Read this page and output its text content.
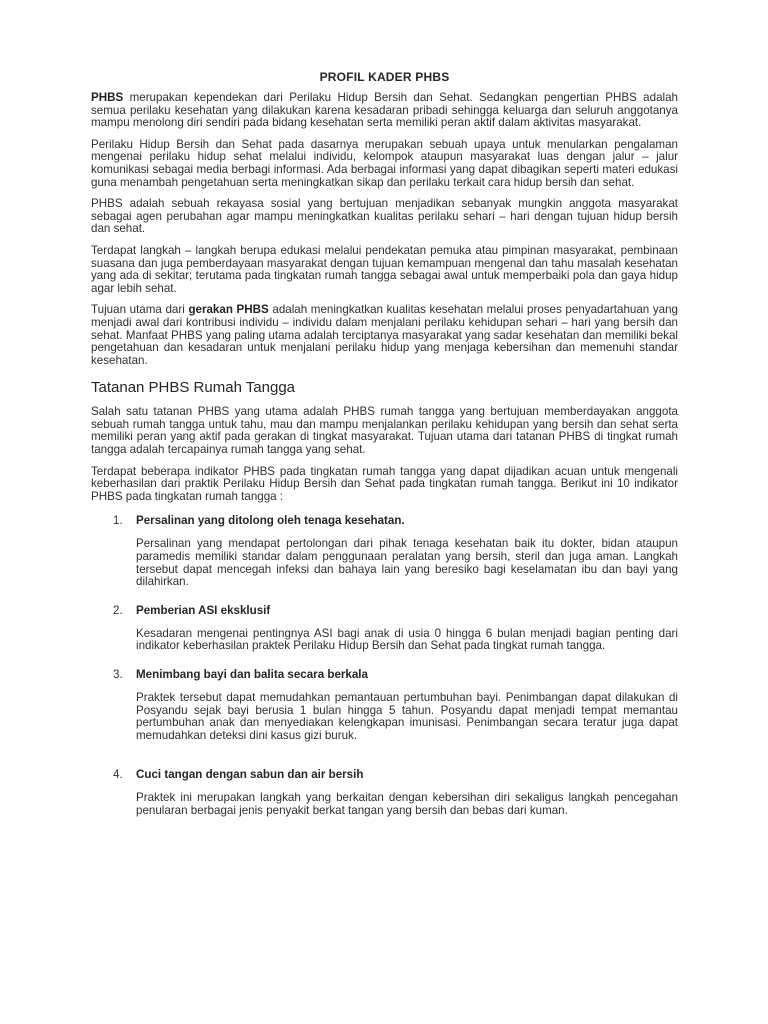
PROFIL KADER PHBS

PHBS merupakan kependekan dari Perilaku Hidup Bersih dan Sehat. Sedangkan pengertian PHBS adalah semua perilaku kesehatan yang dilakukan karena kesadaran pribadi sehingga keluarga dan seluruh anggotanya mampu menolong diri sendiri pada bidang kesehatan serta memiliki peran aktif dalam aktivitas masyarakat.

Perilaku Hidup Bersih dan Sehat pada dasarnya merupakan sebuah upaya untuk menularkan pengalaman mengenai perilaku hidup sehat melalui individu, kelompok ataupun masyarakat luas dengan jalur – jalur komunikasi sebagai media berbagi informasi. Ada berbagai informasi yang dapat dibagikan seperti materi edukasi guna menambah pengetahuan serta meningkatkan sikap dan perilaku terkait cara hidup bersih dan sehat.

PHBS adalah sebuah rekayasa sosial yang bertujuan menjadikan sebanyak mungkin anggota masyarakat sebagai agen perubahan agar mampu meningkatkan kualitas perilaku sehari – hari dengan tujuan hidup bersih dan sehat.

Terdapat langkah – langkah berupa edukasi melalui pendekatan pemuka atau pimpinan masyarakat, pembinaan suasana dan juga pemberdayaan masyarakat dengan tujuan kemampuan mengenal dan tahu masalah kesehatan yang ada di sekitar; terutama pada tingkatan rumah tangga sebagai awal untuk memperbaiki pola dan gaya hidup agar lebih sehat.

Tujuan utama dari gerakan PHBS adalah meningkatkan kualitas kesehatan melalui proses penyadartahuan yang menjadi awal dari kontribusi individu – individu dalam menjalani perilaku kehidupan sehari – hari yang bersih dan sehat. Manfaat PHBS yang paling utama adalah terciptanya masyarakat yang sadar kesehatan dan memiliki bekal pengetahuan dan kesadaran untuk menjalani perilaku hidup yang menjaga kebersihan dan memenuhi standar kesehatan.

Tatanan PHBS Rumah Tangga

Salah satu tatanan PHBS yang utama adalah PHBS rumah tangga yang bertujuan memberdayakan anggota sebuah rumah tangga untuk tahu, mau dan mampu menjalankan perilaku kehidupan yang bersih dan sehat serta memiliki peran yang aktif pada gerakan di tingkat masyarakat. Tujuan utama dari tatanan PHBS di tingkat rumah tangga adalah tercapainya rumah tangga yang sehat.

Terdapat beberapa indikator PHBS pada tingkatan rumah tangga yang dapat dijadikan acuan untuk mengenali keberhasilan dari praktik Perilaku Hidup Bersih dan Sehat pada tingkatan rumah tangga. Berikut ini 10 indikator PHBS pada tingkatan rumah tangga :

1. Persalinan yang ditolong oleh tenaga kesehatan.
Persalinan yang mendapat pertolongan dari pihak tenaga kesehatan baik itu dokter, bidan ataupun paramedis memiliki standar dalam penggunaan peralatan yang bersih, steril dan juga aman. Langkah tersebut dapat mencegah infeksi dan bahaya lain yang beresiko bagi keselamatan ibu dan bayi yang dilahirkan.
2. Pemberian ASI eksklusif
Kesadaran mengenai pentingnya ASI bagi anak di usia 0 hingga 6 bulan menjadi bagian penting dari indikator keberhasilan praktek Perilaku Hidup Bersih dan Sehat pada tingkat rumah tangga.
3. Menimbang bayi dan balita secara berkala
Praktek tersebut dapat memudahkan pemantauan pertumbuhan bayi. Penimbangan dapat dilakukan di Posyandu sejak bayi berusia 1 bulan hingga 5 tahun. Posyandu dapat menjadi tempat memantau pertumbuhan anak dan menyediakan kelengkapan imunisasi. Penimbangan secara teratur juga dapat memudahkan deteksi dini kasus gizi buruk.
4. Cuci tangan dengan sabun dan air bersih
Praktek ini merupakan langkah yang berkaitan dengan kebersihan diri sekaligus langkah pencegahan penularan berbagai jenis penyakit berkat tangan yang bersih dan bebas dari kuman.
